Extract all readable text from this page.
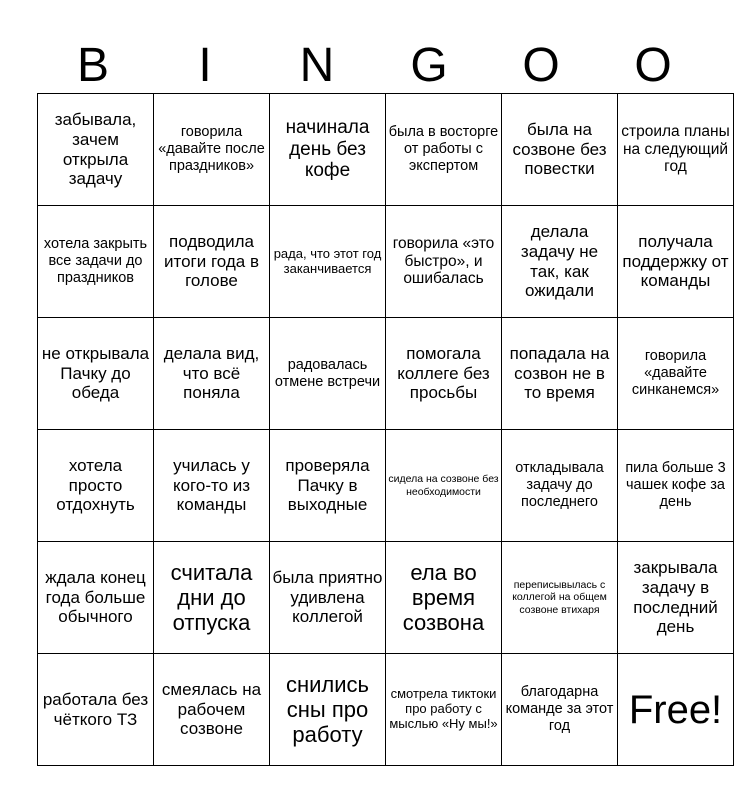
B	I	N	G	O	O
забывала, зачем открыла задачу	говорила «давайте после праздников»	начинала день без кофе	была в восторге от работы с экспертом	была на созвоне без повестки	строила планы на следующий год
хотела закрыть все задачи до праздников	подводила итоги года в голове	рада, что этот год заканчивается	говорила «это быстро», и ошибалась	делала задачу не так, как ожидали	получала поддержку от команды
не открывала Пачку до обеда	делала вид, что всё поняла	радовалась отмене встречи	помогала коллеге без просьбы	попадала на созвон не в то время	говорила «давайте синканемся»
хотела просто отдохнуть	училась у кого-то из команды	проверяла Пачку в выходные	сидела на созвоне без необходимости	откладывала задачу до последнего	пила больше 3 чашек кофе за день
ждала конец года больше обычного	считала дни до отпуска	была приятно удивлена коллегой	ела во время созвона	переписывылась с коллегой на общем созвоне втихаря	закрывала задачу в последний день
работала без чёткого ТЗ	смеялась на рабочем созвоне	снились сны про работу	смотрела тиктоки про работу с мыслью «Ну мы!»	благодарна команде за этот год	Free!
